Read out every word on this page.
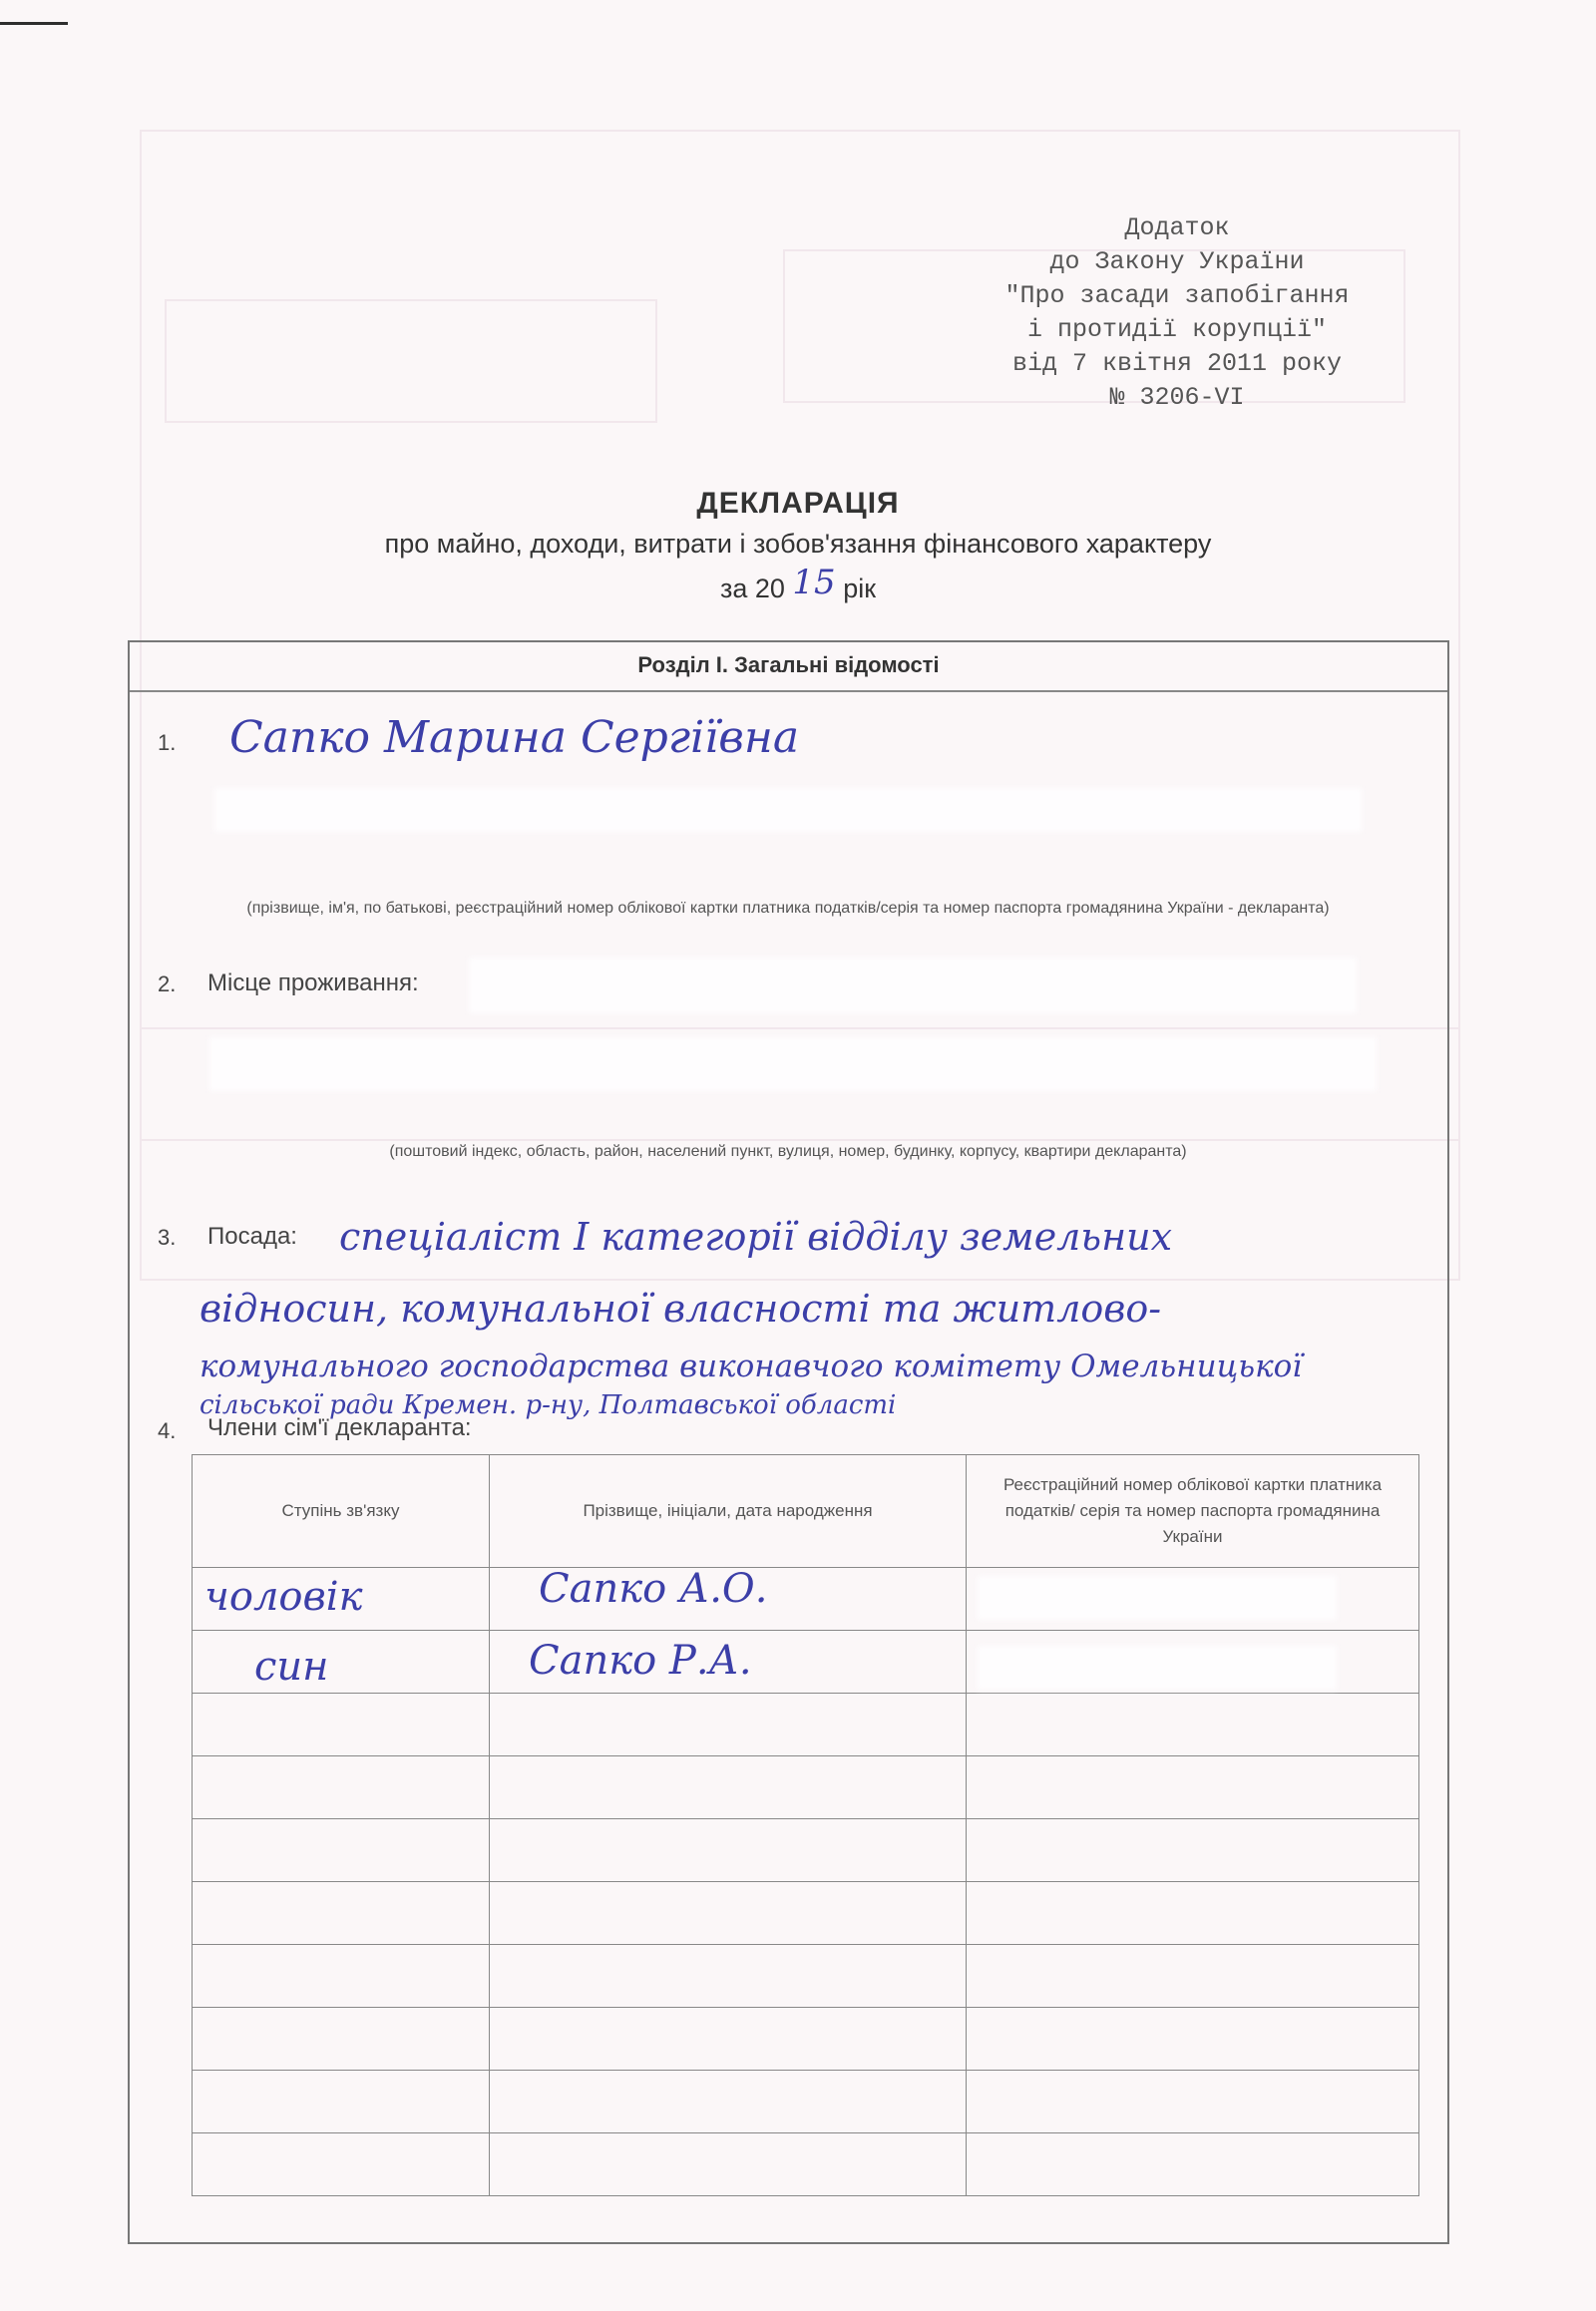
Додаток
до Закону України
"Про засади запобігання
і протидії корупції"
від 7 квітня 2011 року
№ 3206-VI
ДЕКЛАРАЦІЯ
про майно, доходи, витрати і зобов'язання фінансового характеру
за 20 15 рік
Розділ І. Загальні відомості
1. Сапко Марина Сергіївна
(прізвище, ім'я, по батькові, реєстраційний номер облікової картки платника податків/серія та номер паспорта громадянина України - декларанта)
2. Місце проживання:
(поштовий індекс, область, район, населений пункт, вулиця, номер, будинку, корпусу, квартири декларанта)
3. Посада: спеціаліст І категорії відділу земельних
відносин, комунальної власності та житлово-
комунального господарства виконавчого комітету Омельницької
сільської ради Кремен. р-ну, Полтавської області
4. Члени сім'ї декларанта:
Ступінь зв'язку	Прізвище, ініціали, дата народження	Реєстраційний номер облікової картки платника податків/ серія та номер паспорта громадянина України

чоловік	Сапко А.О.
син	Сапко Р.А.
